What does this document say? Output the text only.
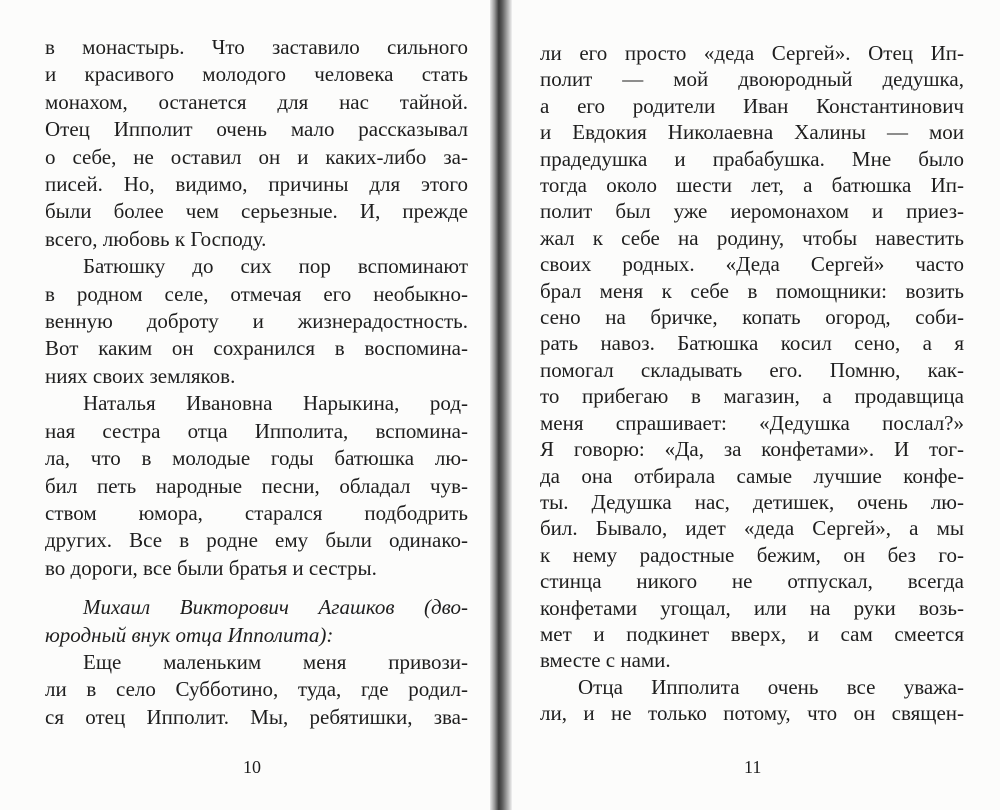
в монастырь. Что заставило сильного
и красивого молодого человека стать
монахом, останется для нас тайной.
Отец Ипполит очень мало рассказывал
о себе, не оставил он и каких-либо за-
писей. Но, видимо, причины для этого
были более чем серьезные. И, прежде
всего, любовь к Господу.
Батюшку до сих пор вспоминают
в родном селе, отмечая его необыкно-
венную доброту и жизнерадостность.
Вот каким он сохранился в воспомина-
ниях своих земляков.
Наталья Ивановна Нарыкина, род-
ная сестра отца Ипполита, вспомина-
ла, что в молодые годы батюшка лю-
бил петь народные песни, обладал чув-
ством юмора, старался подбодрить
других. Все в родне ему были одинако-
во дороги, все были братья и сестры.
Михаил Викторович Агашков (дво-
юродный внук отца Ипполита):
Еще маленьким меня привози-
ли в село Субботино, туда, где родил-
ся отец Ипполит. Мы, ребятишки, зва-
10
ли его просто «деда Сергей». Отец Ип-
полит — мой двоюродный дедушка,
а его родители Иван Константинович
и Евдокия Николаевна Халины — мои
прадедушка и прабабушка. Мне было
тогда около шести лет, а батюшка Ип-
полит был уже иеромонахом и приез-
жал к себе на родину, чтобы навестить
своих родных. «Деда Сергей» часто
брал меня к себе в помощники: возить
сено на бричке, копать огород, соби-
рать навоз. Батюшка косил сено, а я
помогал складывать его. Помню, как-
то прибегаю в магазин, а продавщица
меня спрашивает: «Дедушка послал?»
Я говорю: «Да, за конфетами». И тог-
да она отбирала самые лучшие конфе-
ты. Дедушка нас, детишек, очень лю-
бил. Бывало, идет «деда Сергей», а мы
к нему радостные бежим, он без го-
стинца никого не отпускал, всегда
конфетами угощал, или на руки возь-
мет и подкинет вверх, и сам смеется
вместе с нами.
Отца Ипполита очень все уважа-
ли, и не только потому, что он священ-
11
